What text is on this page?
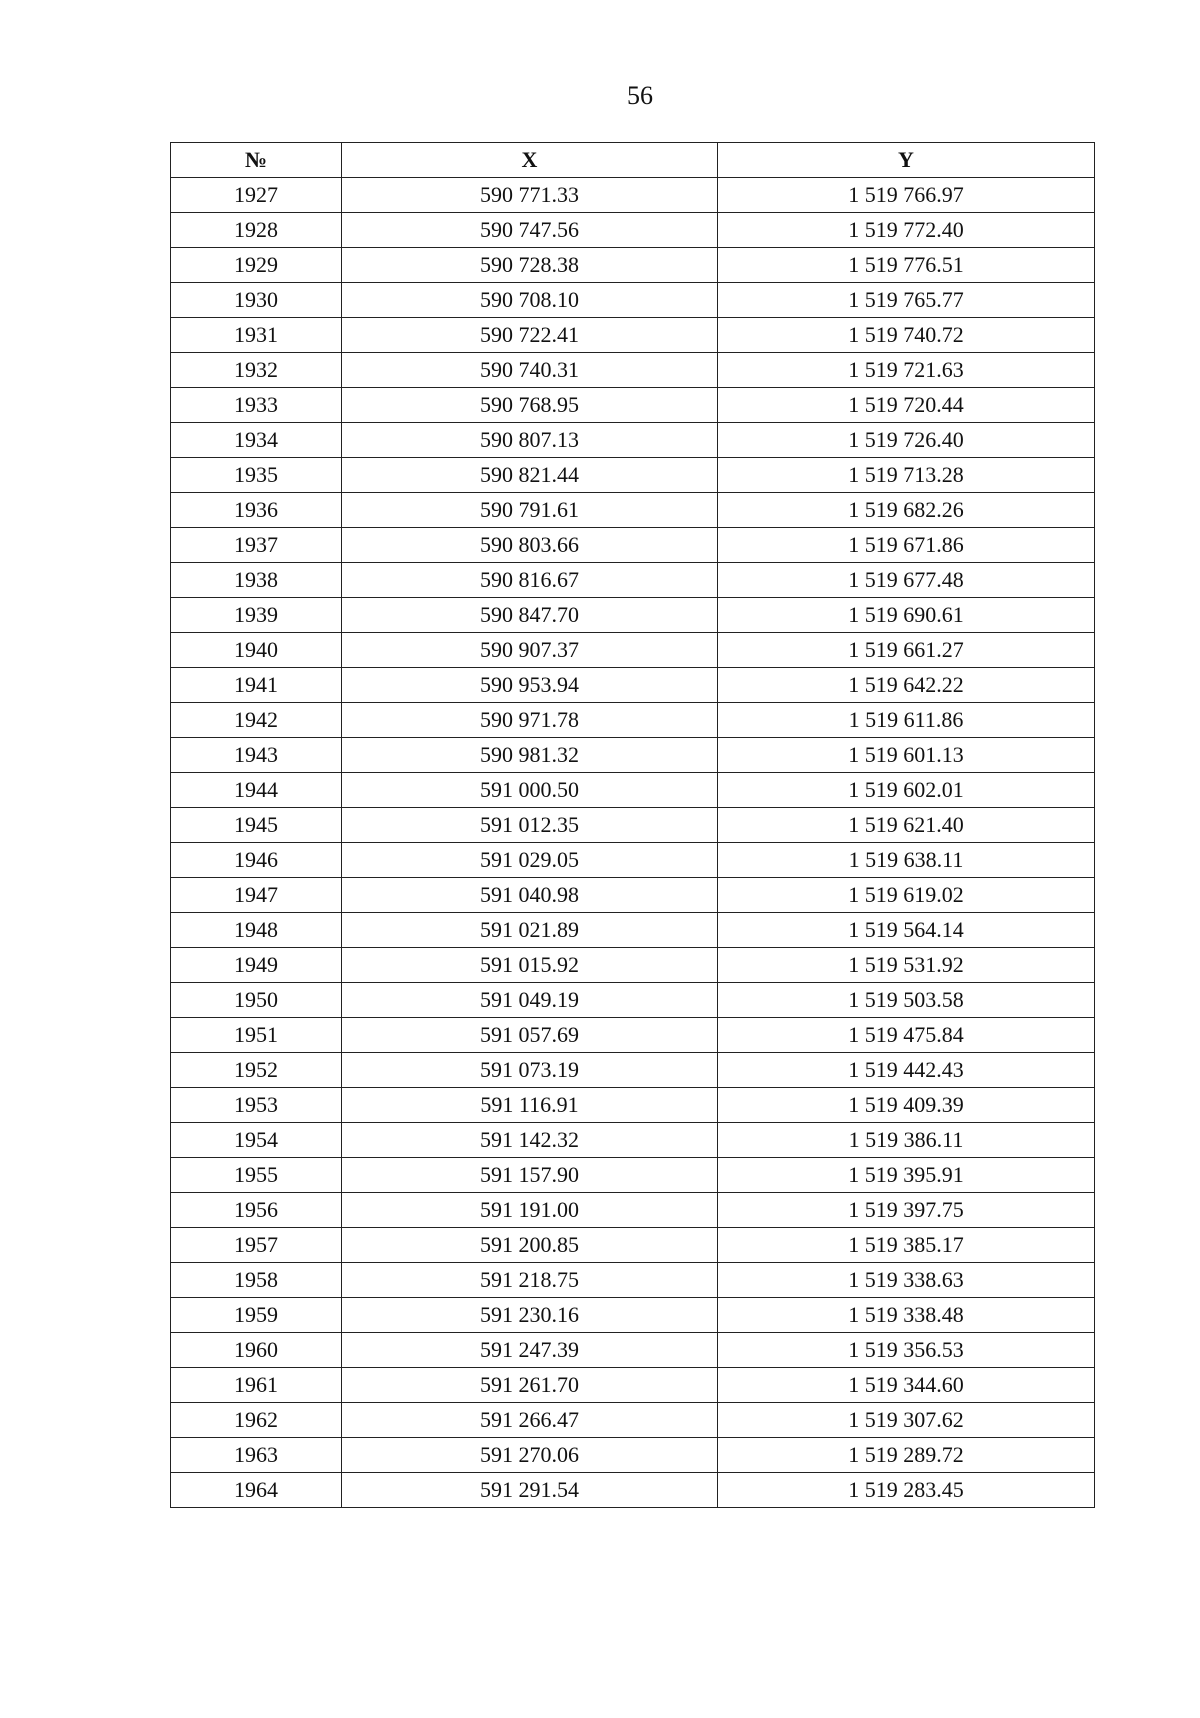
56
№	X	Y
1927	590 771.33	1 519 766.97
1928	590 747.56	1 519 772.40
1929	590 728.38	1 519 776.51
1930	590 708.10	1 519 765.77
1931	590 722.41	1 519 740.72
1932	590 740.31	1 519 721.63
1933	590 768.95	1 519 720.44
1934	590 807.13	1 519 726.40
1935	590 821.44	1 519 713.28
1936	590 791.61	1 519 682.26
1937	590 803.66	1 519 671.86
1938	590 816.67	1 519 677.48
1939	590 847.70	1 519 690.61
1940	590 907.37	1 519 661.27
1941	590 953.94	1 519 642.22
1942	590 971.78	1 519 611.86
1943	590 981.32	1 519 601.13
1944	591 000.50	1 519 602.01
1945	591 012.35	1 519 621.40
1946	591 029.05	1 519 638.11
1947	591 040.98	1 519 619.02
1948	591 021.89	1 519 564.14
1949	591 015.92	1 519 531.92
1950	591 049.19	1 519 503.58
1951	591 057.69	1 519 475.84
1952	591 073.19	1 519 442.43
1953	591 116.91	1 519 409.39
1954	591 142.32	1 519 386.11
1955	591 157.90	1 519 395.91
1956	591 191.00	1 519 397.75
1957	591 200.85	1 519 385.17
1958	591 218.75	1 519 338.63
1959	591 230.16	1 519 338.48
1960	591 247.39	1 519 356.53
1961	591 261.70	1 519 344.60
1962	591 266.47	1 519 307.62
1963	591 270.06	1 519 289.72
1964	591 291.54	1 519 283.45
